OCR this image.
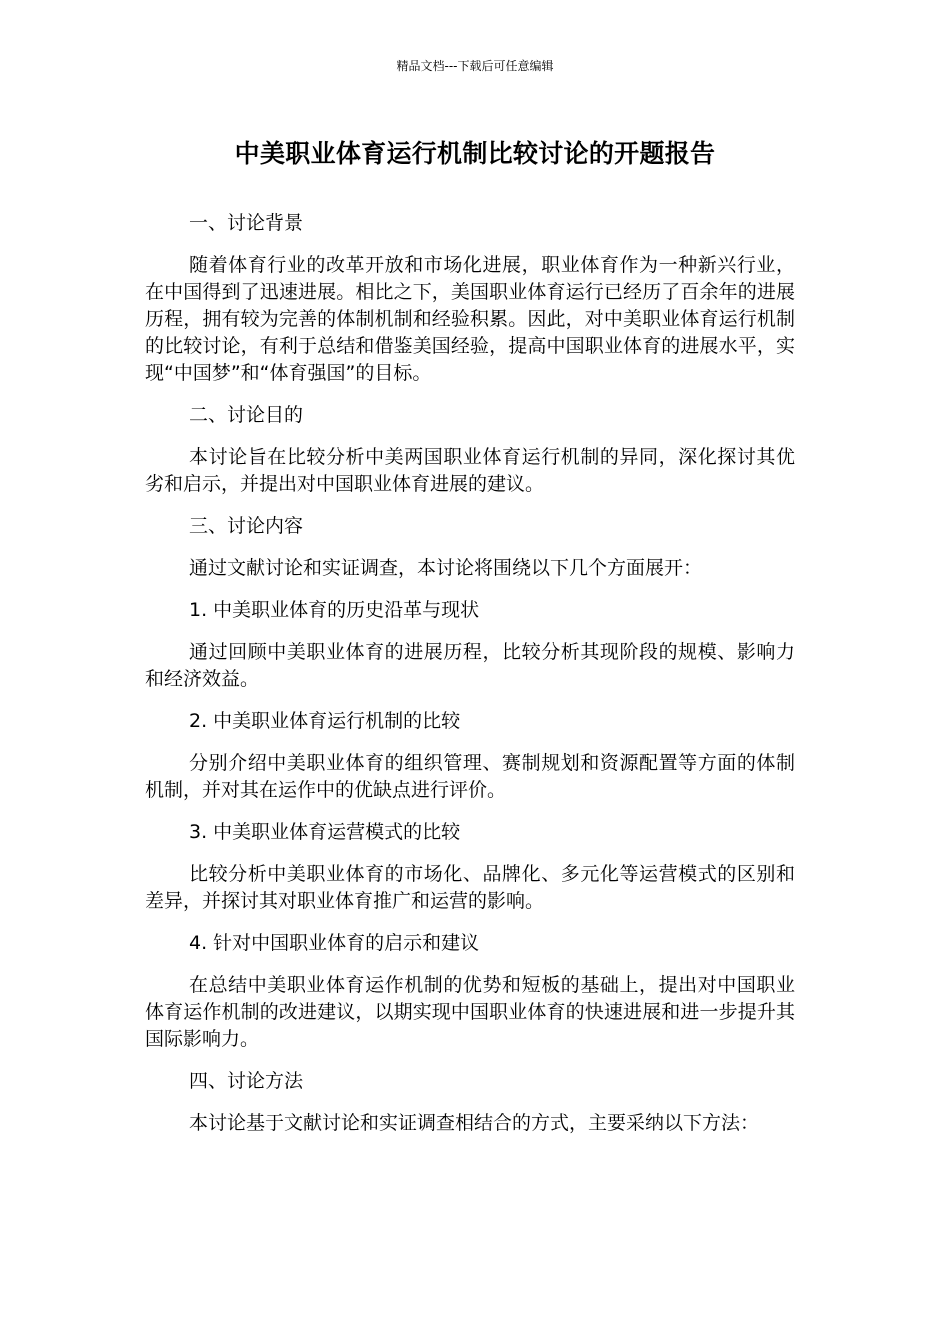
精品文档---下载后可任意编辑
中美职业体育运行机制比较讨论的开题报告
一、讨论背景
随着体育行业的改革开放和市场化进展，职业体育作为一种新兴行业，在中国得到了迅速进展。相比之下，美国职业体育运行已经历了百余年的进展历程，拥有较为完善的体制机制和经验积累。因此，对中美职业体育运行机制的比较讨论，有利于总结和借鉴美国经验，提高中国职业体育的进展水平，实现“中国梦”和“体育强国”的目标。
二、讨论目的
本讨论旨在比较分析中美两国职业体育运行机制的异同，深化探讨其优劣和启示，并提出对中国职业体育进展的建议。
三、讨论内容
通过文献讨论和实证调查，本讨论将围绕以下几个方面展开：
1. 中美职业体育的历史沿革与现状
通过回顾中美职业体育的进展历程，比较分析其现阶段的规模、影响力和经济效益。
2. 中美职业体育运行机制的比较
分别介绍中美职业体育的组织管理、赛制规划和资源配置等方面的体制机制，并对其在运作中的优缺点进行评价。
3. 中美职业体育运营模式的比较
比较分析中美职业体育的市场化、品牌化、多元化等运营模式的区别和差异，并探讨其对职业体育推广和运营的影响。
4. 针对中国职业体育的启示和建议
在总结中美职业体育运作机制的优势和短板的基础上，提出对中国职业体育运作机制的改进建议，以期实现中国职业体育的快速进展和进一步提升其国际影响力。
四、讨论方法
本讨论基于文献讨论和实证调查相结合的方式，主要采纳以下方法：
